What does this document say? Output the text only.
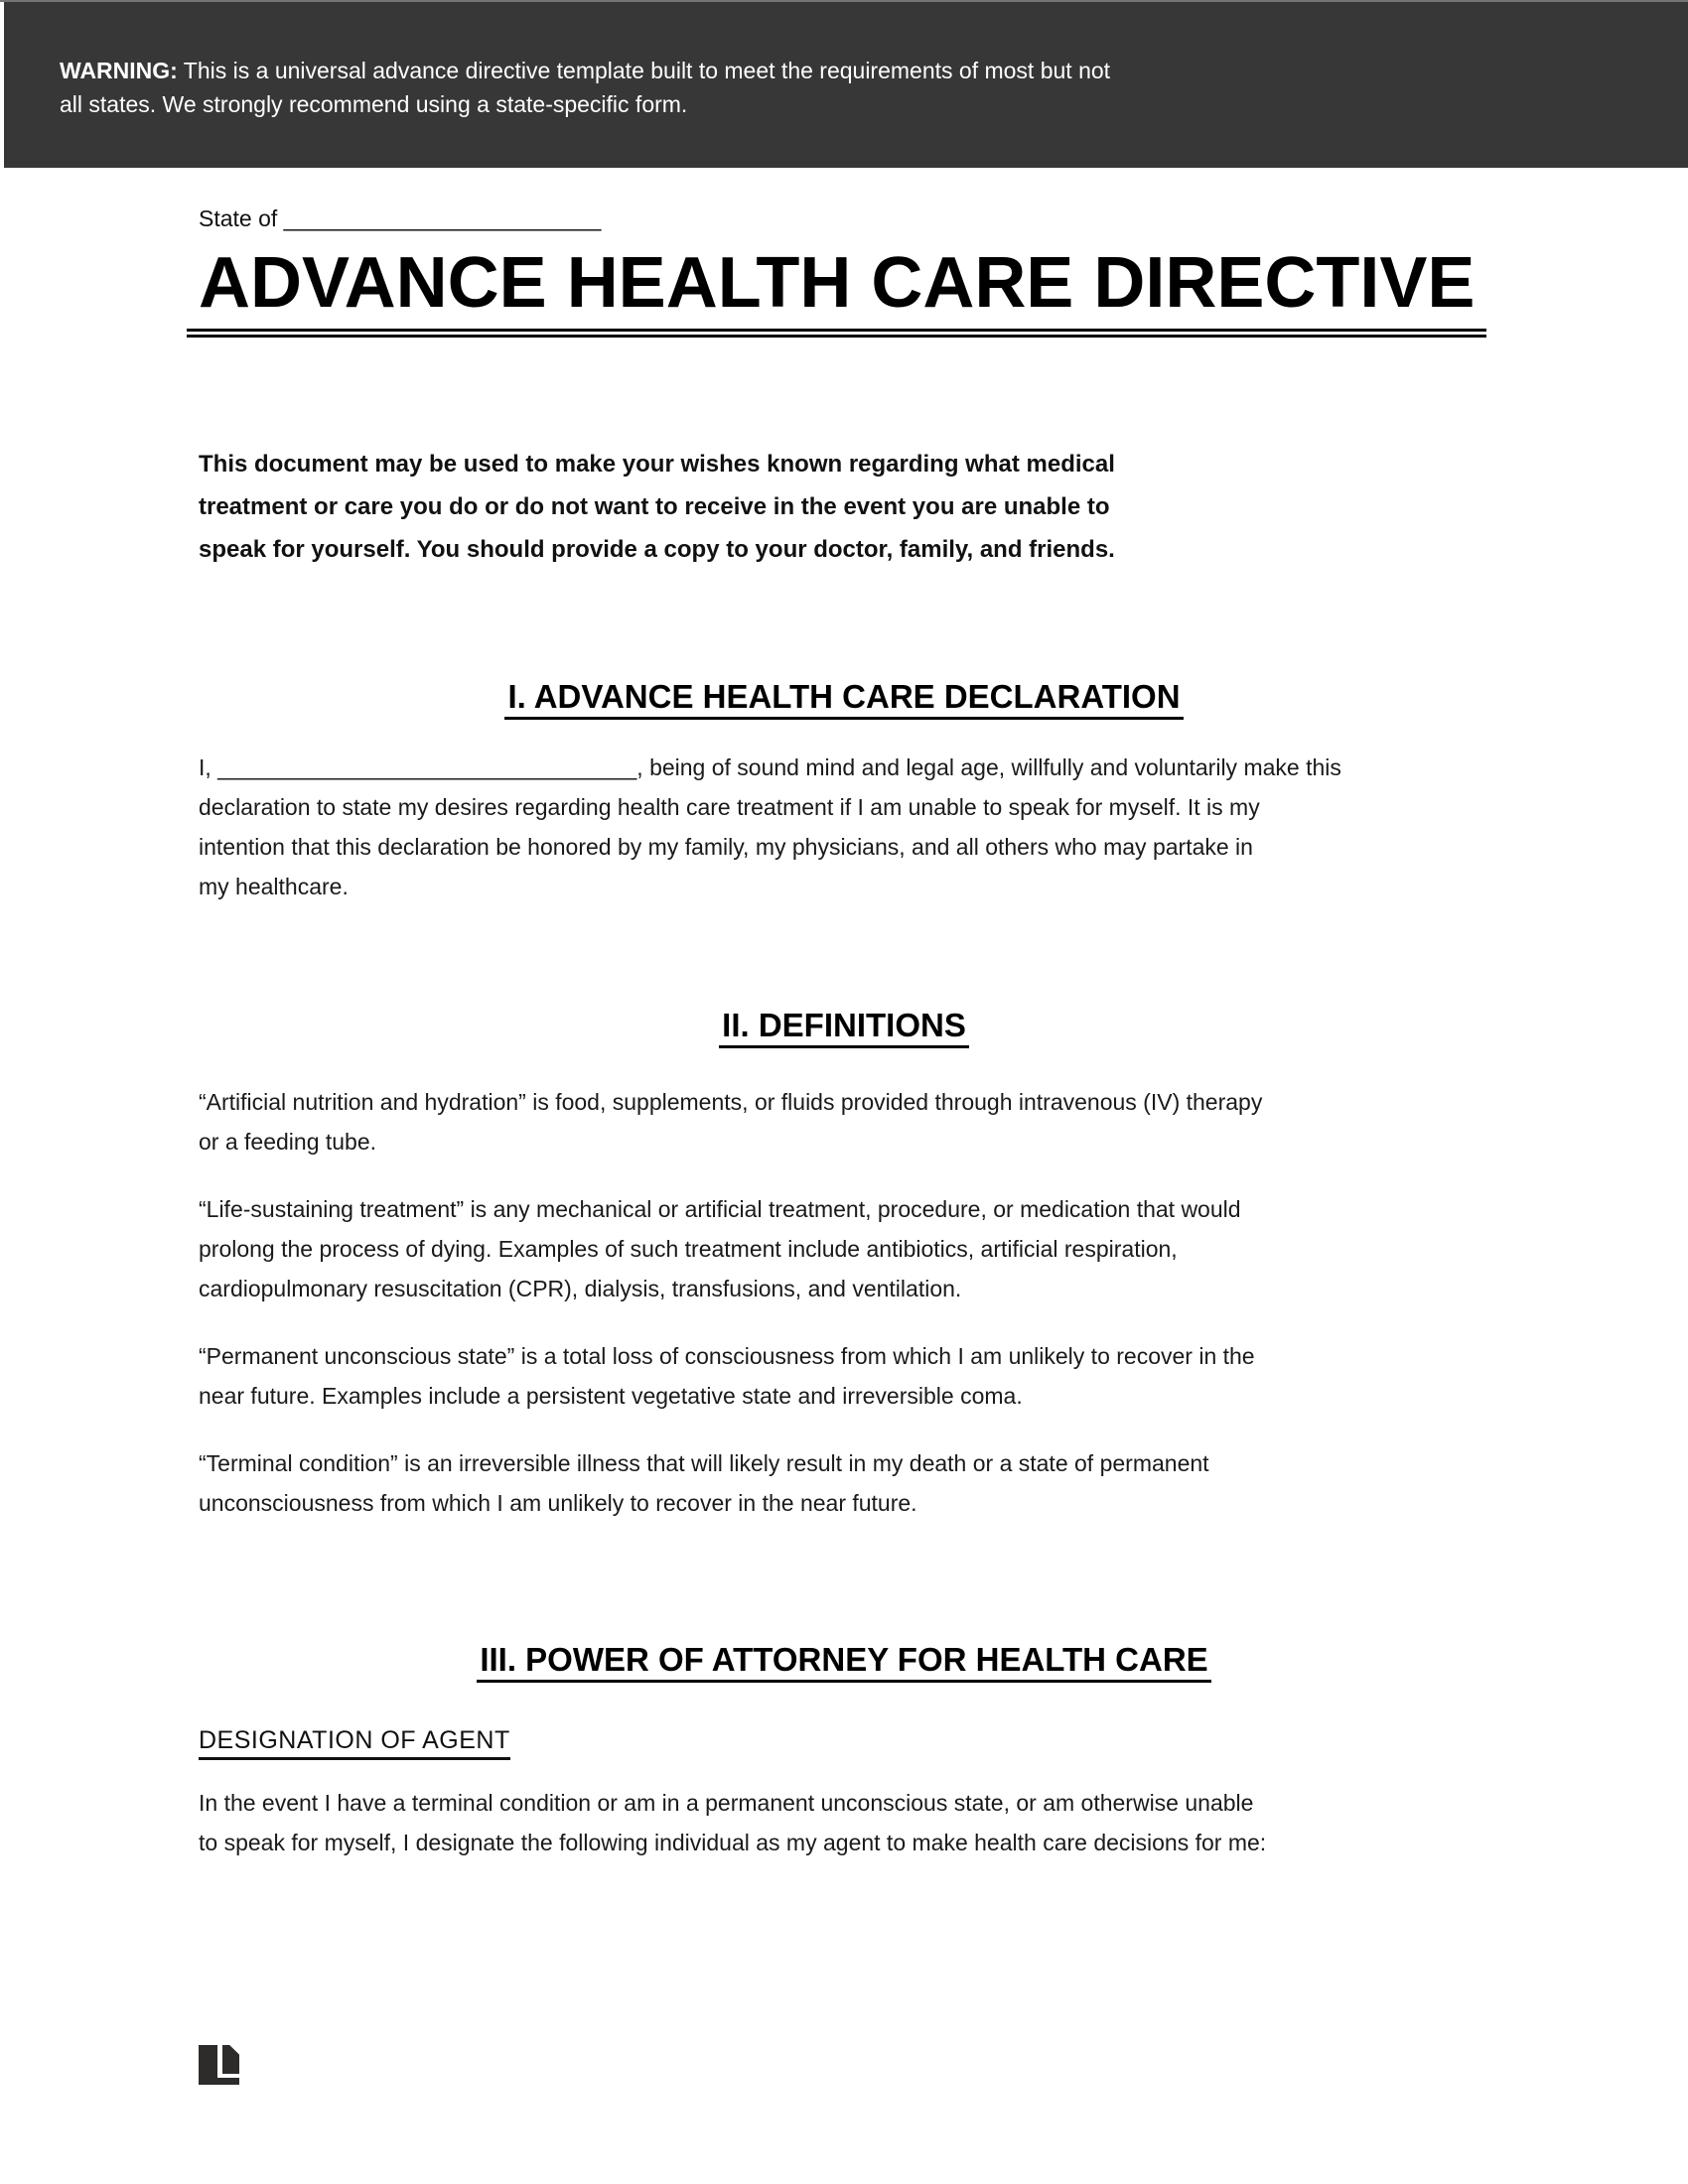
WARNING: This is a universal advance directive template built to meet the requirements of most but not
all states. We strongly recommend using a state-specific form.
State of _________________________
ADVANCE HEALTH CARE DIRECTIVE
This document may be used to make your wishes known regarding what medical
treatment or care you do or do not want to receive in the event you are unable to
speak for yourself. You should provide a copy to your doctor, family, and friends.
I. ADVANCE HEALTH CARE DECLARATION
I, _________________________________, being of sound mind and legal age, willfully and voluntarily make this
declaration to state my desires regarding health care treatment if I am unable to speak for myself. It is my
intention that this declaration be honored by my family, my physicians, and all others who may partake in
my healthcare.
II. DEFINITIONS
“Artificial nutrition and hydration” is food, supplements, or fluids provided through intravenous (IV) therapy
or a feeding tube.
“Life-sustaining treatment” is any mechanical or artificial treatment, procedure, or medication that would
prolong the process of dying. Examples of such treatment include antibiotics, artificial respiration,
cardiopulmonary resuscitation (CPR), dialysis, transfusions, and ventilation.
“Permanent unconscious state” is a total loss of consciousness from which I am unlikely to recover in the
near future. Examples include a persistent vegetative state and irreversible coma.
“Terminal condition” is an irreversible illness that will likely result in my death or a state of permanent
unconsciousness from which I am unlikely to recover in the near future.
III. POWER OF ATTORNEY FOR HEALTH CARE
DESIGNATION OF AGENT
In the event I have a terminal condition or am in a permanent unconscious state, or am otherwise unable
to speak for myself, I designate the following individual as my agent to make health care decisions for me:
